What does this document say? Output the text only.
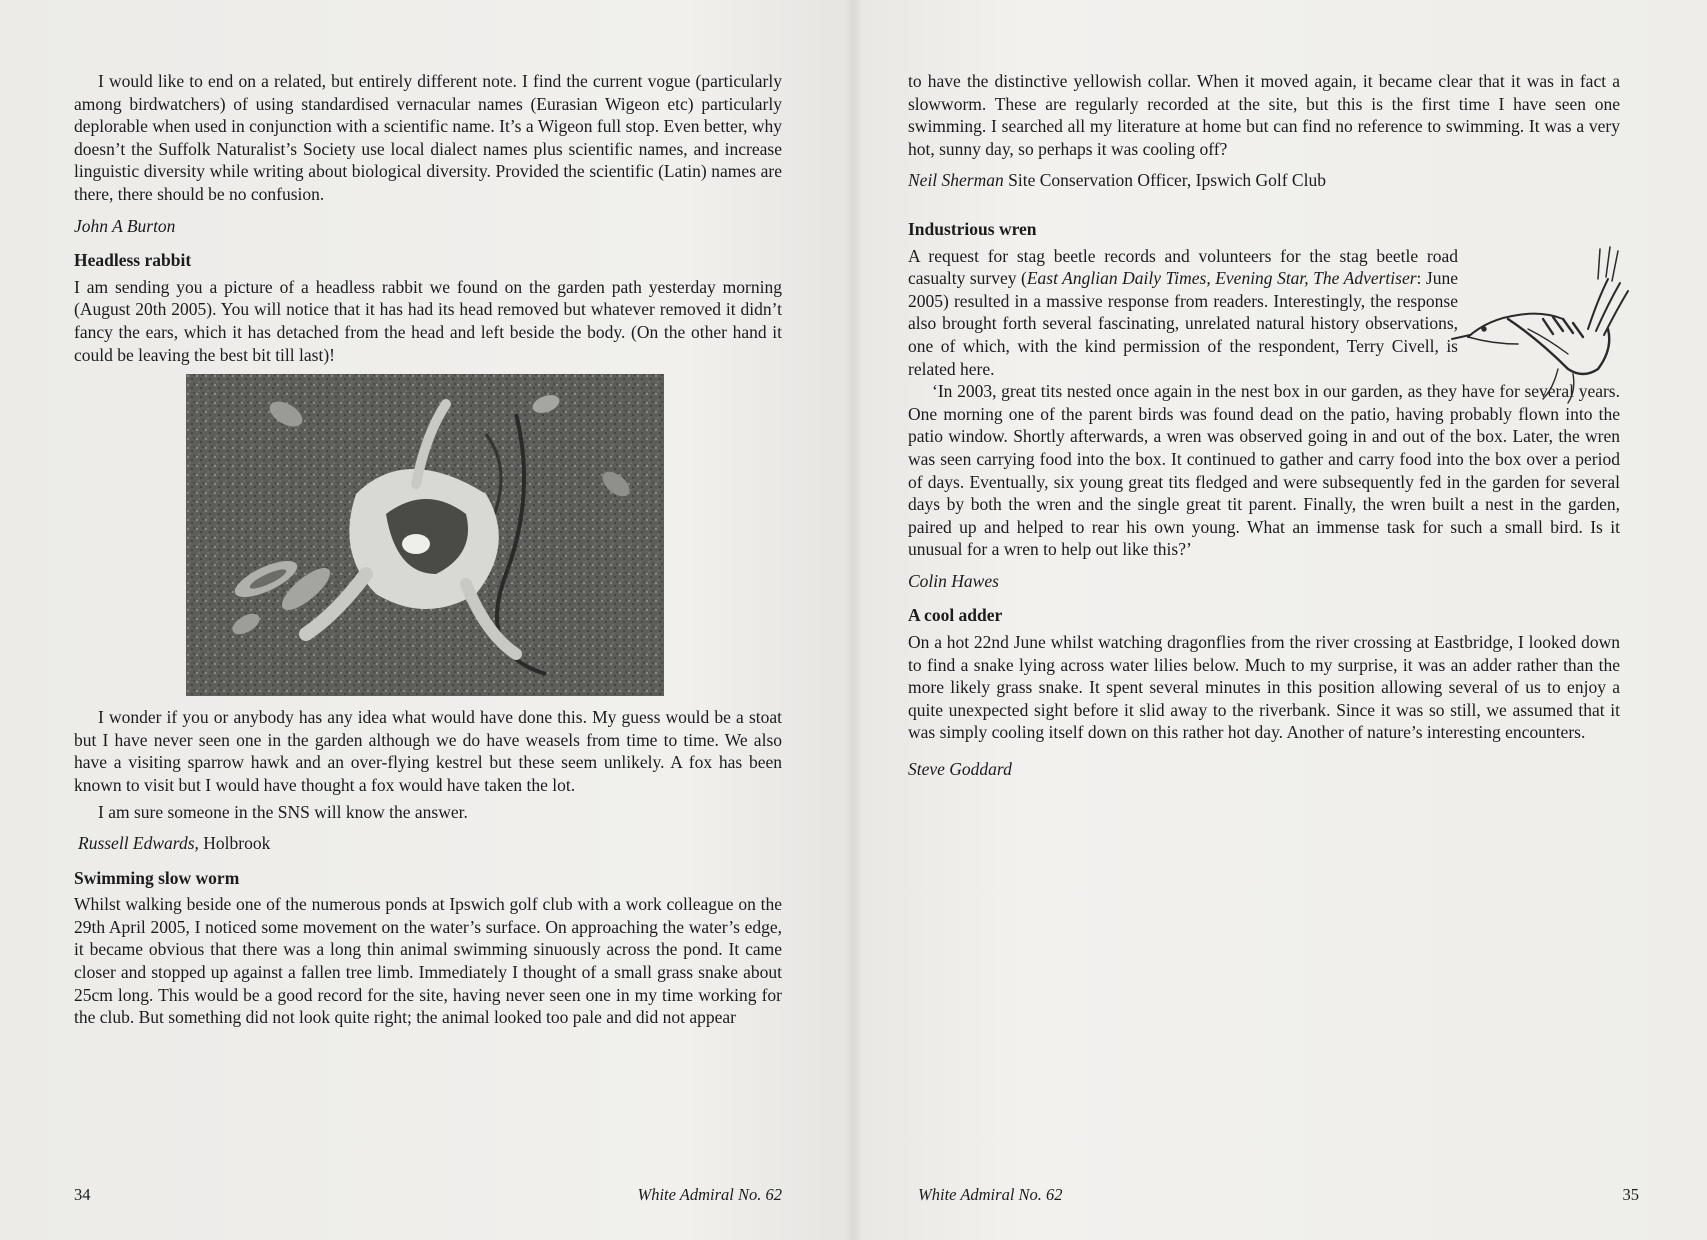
I would like to end on a related, but entirely different note. I find the current vogue (particularly among birdwatchers) of using standardised vernacular names (Eurasian Wigeon etc) particularly deplorable when used in conjunction with a scientific name. It’s a Wigeon full stop. Even better, why doesn’t the Suffolk Naturalist’s Society use local dialect names plus scientific names, and increase linguistic diversity while writing about biological diversity. Provided the scientific (Latin) names are there, there should be no confusion.

John A Burton
Headless rabbit

I am sending you a picture of a headless rabbit we found on the garden path yesterday morning (August 20th 2005). You will notice that it has had its head removed but whatever removed it didn’t fancy the ears, which it has detached from the head and left beside the body. (On the other hand it could be leaving the best bit till last)!

I wonder if you or anybody has any idea what would have done this. My guess would be a stoat but I have never seen one in the garden although we do have weasels from time to time. We also have a visiting sparrow hawk and an over-flying kestrel but these seem unlikely. A fox has been known to visit but I would have thought a fox would have taken the lot.

I am sure someone in the SNS will know the answer.

Russell Edwards, Holbrook
Swimming slow worm

Whilst walking beside one of the numerous ponds at Ipswich golf club with a work colleague on the 29th April 2005, I noticed some movement on the water’s surface. On approaching the water’s edge, it became obvious that there was a long thin animal swimming sinuously across the pond. It came closer and stopped up against a fallen tree limb. Immediately I thought of a small grass snake about 25cm long. This would be a good record for the site, having never seen one in my time working for the club. But something did not look quite right; the animal looked too pale and did not appear

34	White Admiral No. 62

to have the distinctive yellowish collar. When it moved again, it became clear that it was in fact a slowworm. These are regularly recorded at the site, but this is the first time I have seen one swimming. I searched all my literature at home but can find no reference to swimming. It was a very hot, sunny day, so perhaps it was cooling off?

Neil Sherman Site Conservation Officer, Ipswich Golf Club
Industrious wren

A request for stag beetle records and volunteers for the stag beetle road casualty survey (East Anglian Daily Times, Evening Star, The Advertiser: June 2005) resulted in a massive response from readers. Interestingly, the response also brought forth several fascinating, unrelated natural history observations, one of which, with the kind permission of the respondent, Terry Civell, is related here.

‘In 2003, great tits nested once again in the nest box in our garden, as they have for several years. One morning one of the parent birds was found dead on the patio, having probably flown into the patio window. Shortly afterwards, a wren was observed going in and out of the box. Later, the wren was seen carrying food into the box. It continued to gather and carry food into the box over a period of days. Eventually, six young great tits fledged and were subsequently fed in the garden for several days by both the wren and the single great tit parent. Finally, the wren built a nest in the garden, paired up and helped to rear his own young. What an immense task for such a small bird. Is it unusual for a wren to help out like this?’

Colin Hawes
A cool adder

On a hot 22nd June whilst watching dragonflies from the river crossing at Eastbridge, I looked down to find a snake lying across water lilies below. Much to my surprise, it was an adder rather than the more likely grass snake. It spent several minutes in this position allowing several of us to enjoy a quite unexpected sight before it slid away to the riverbank. Since it was so still, we assumed that it was simply cooling itself down on this rather hot day. Another of nature’s interesting encounters.

Steve Goddard
White Admiral No. 62	35
